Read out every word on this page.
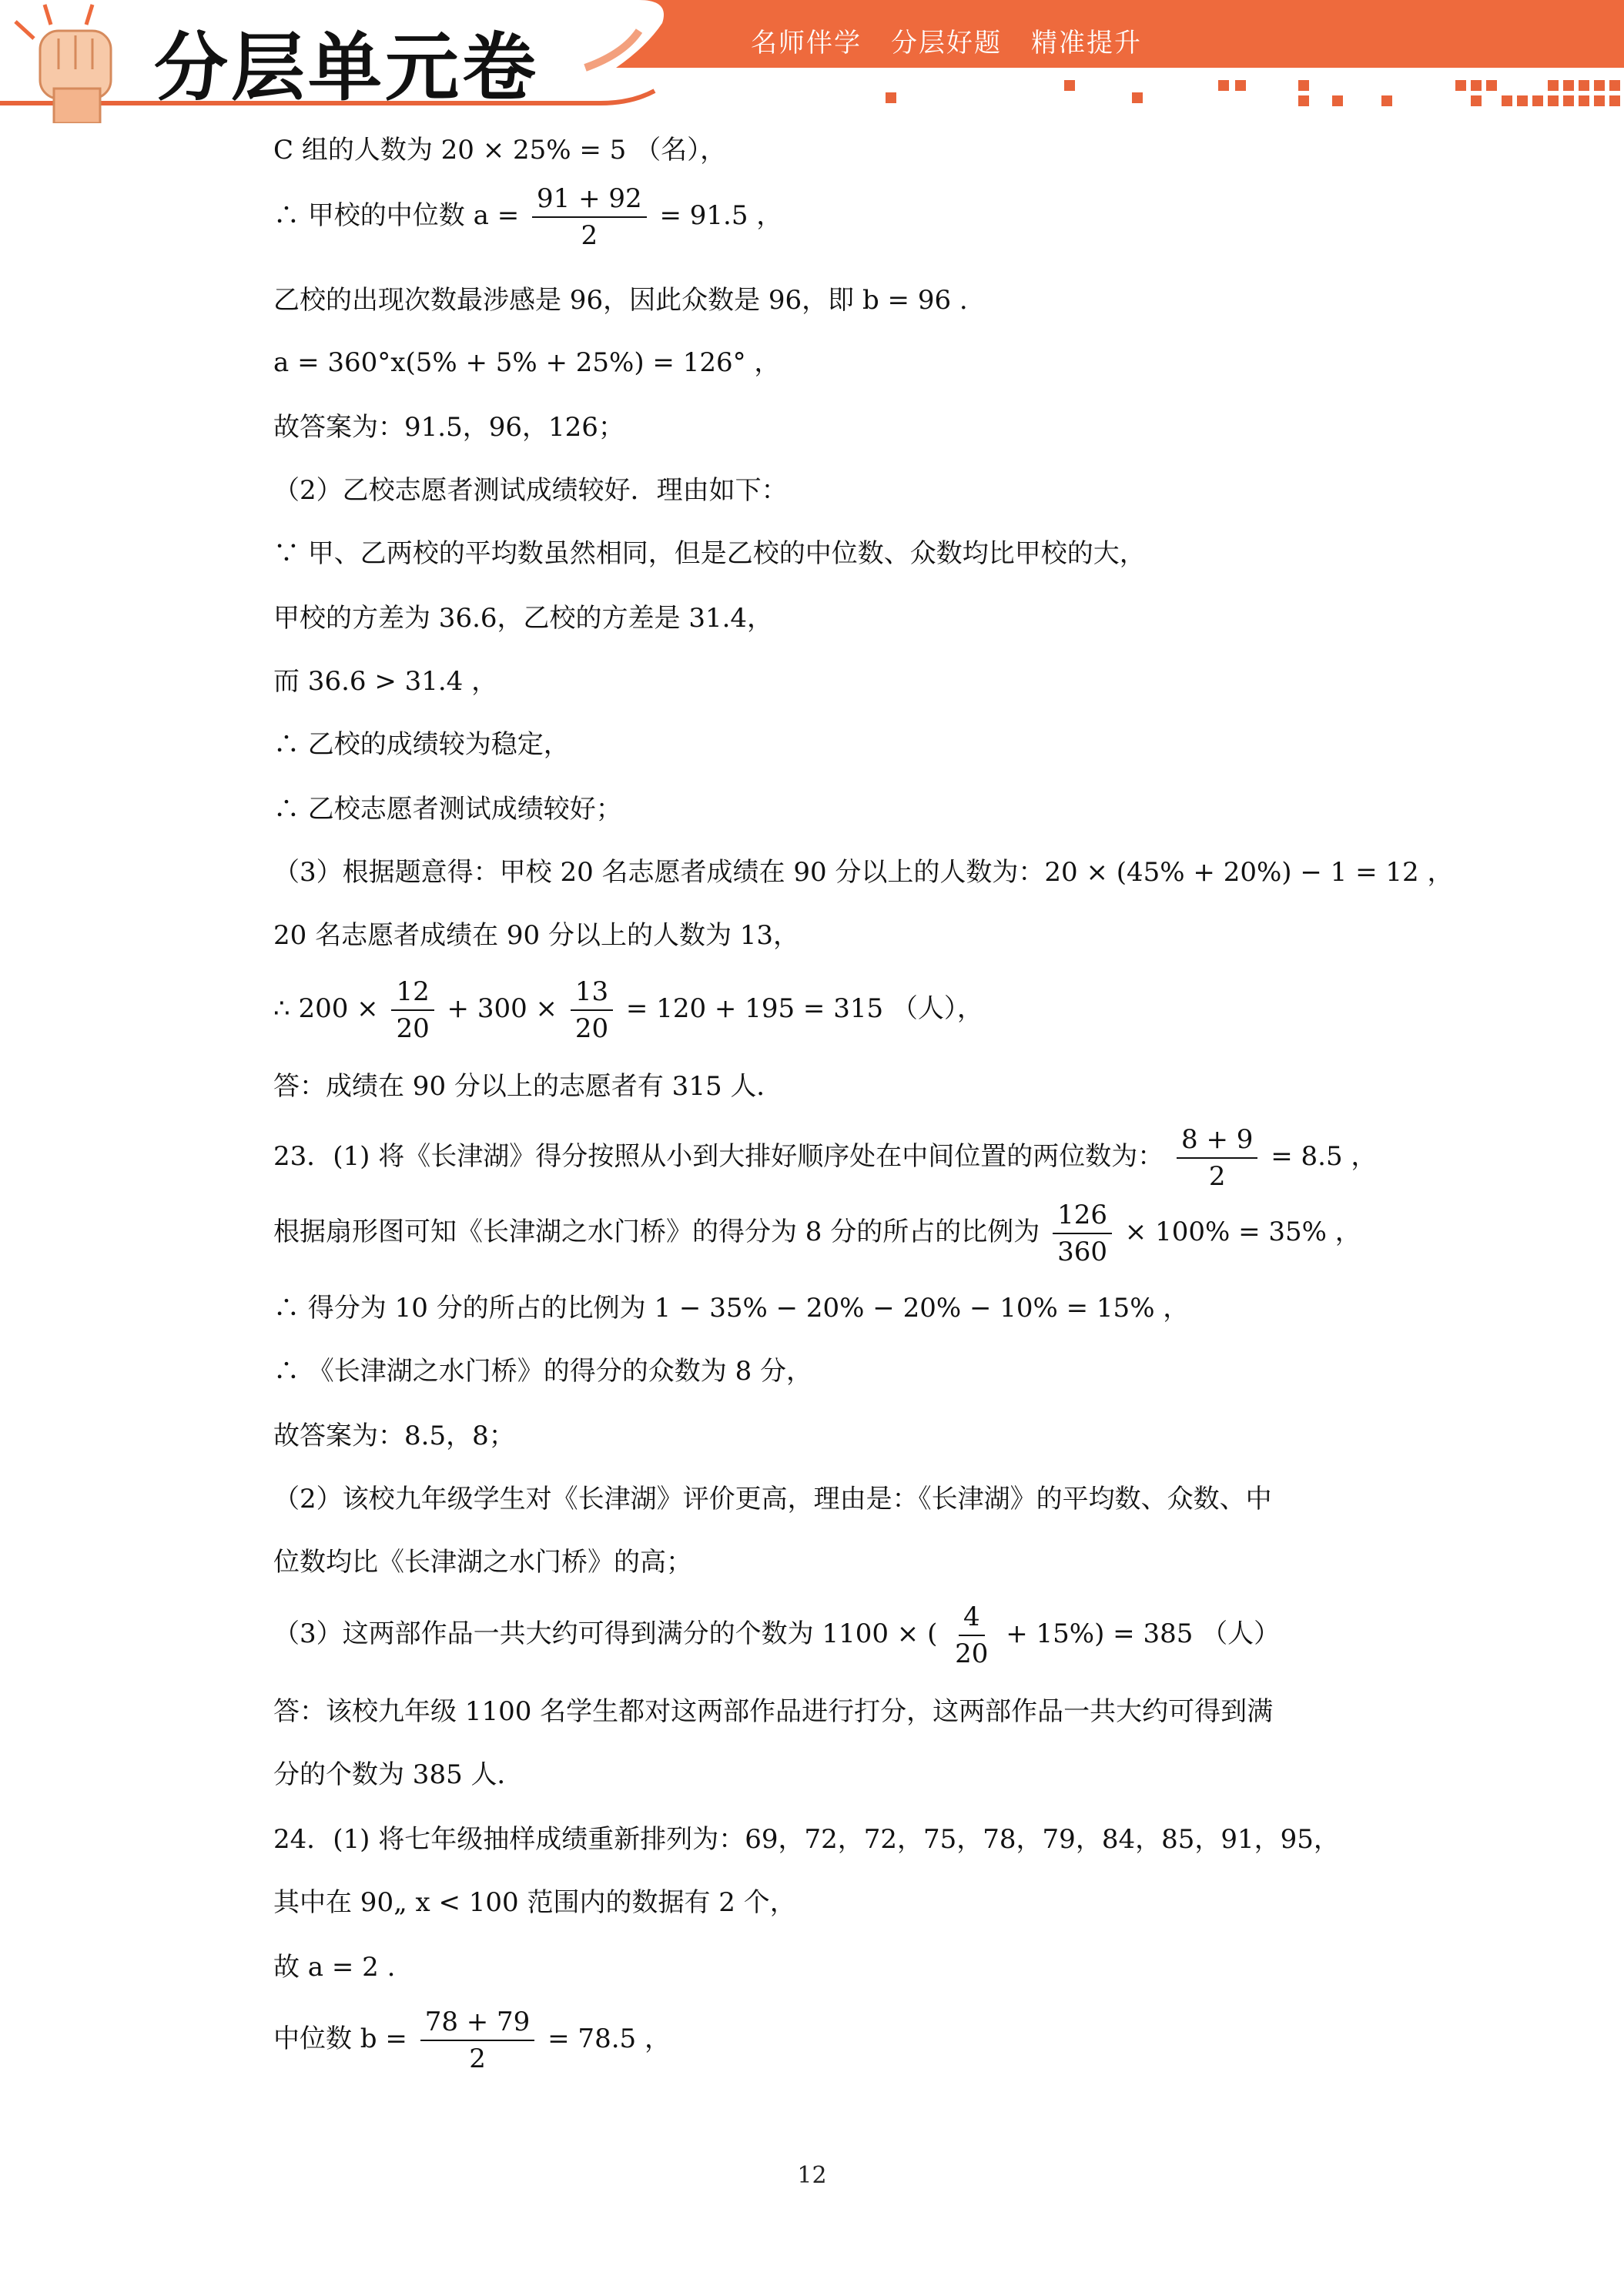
分层单元卷	名师伴学 分层好题 精准提升
C 组的人数为 20 × 25% = 5 （名），
∴ 甲校的中位数 $a = \frac{91 + 92}{2} = 91.5$ ，
乙校的出现次数最涉感是 96，因此众数是 96，即 b = 96 .
a = 360°x(5% + 5% + 25%) = 126° ，
故答案为：91.5，96，126；
（2）乙校志愿者测试成绩较好．理由如下：
∵ 甲、乙两校的平均数虽然相同，但是乙校的中位数、众数均比甲校的大，
甲校的方差为 36.6，乙校的方差是 31.4，
而 36.6 > 31.4 ，
∴ 乙校的成绩较为稳定，
∴ 乙校志愿者测试成绩较好；
（3）根据题意得：甲校 20 名志愿者成绩在 90 分以上的人数为：20 × (45% + 20%) − 1 = 12 ，
20 名志愿者成绩在 90 分以上的人数为 13，
∴ $200 \times \frac{12}{20} + 300 \times \frac{13}{20} = 120 + 195 = 315$ （人），
答：成绩在 90 分以上的志愿者有 315 人．
23．(1) 将《长津湖》得分按照从小到大排好顺序处在中间位置的两位数为： $\frac{8 + 9}{2} = 8.5$ ，
根据扇形图可知《长津湖之水门桥》的得分为 8 分的所占的比例为 $\frac{126}{360} \times 100\% = 35\%$ ，
∴ 得分为 10 分的所占的比例为 1 − 35% − 20% − 20% − 10% = 15% ，
∴ 《长津湖之水门桥》的得分的众数为 8 分，
故答案为：8.5，8；
（2）该校九年级学生对《长津湖》评价更高，理由是：《长津湖》的平均数、众数、中
位数均比《长津湖之水门桥》的高；
（3）这两部作品一共大约可得到满分的个数为 1100 × ( $\frac{4}{20} + 15\%) = 385$ （人）
答：该校九年级 1100 名学生都对这两部作品进行打分，这两部作品一共大约可得到满
分的个数为 385 人．
24．(1) 将七年级抽样成绩重新排列为：69，72，72，75，78，79，84，85，91，95，
其中在 90„ x < 100 范围内的数据有 2 个，
故 a = 2 .
中位数 $b = \frac{78 + 79}{2} = 78.5$ ，
12
